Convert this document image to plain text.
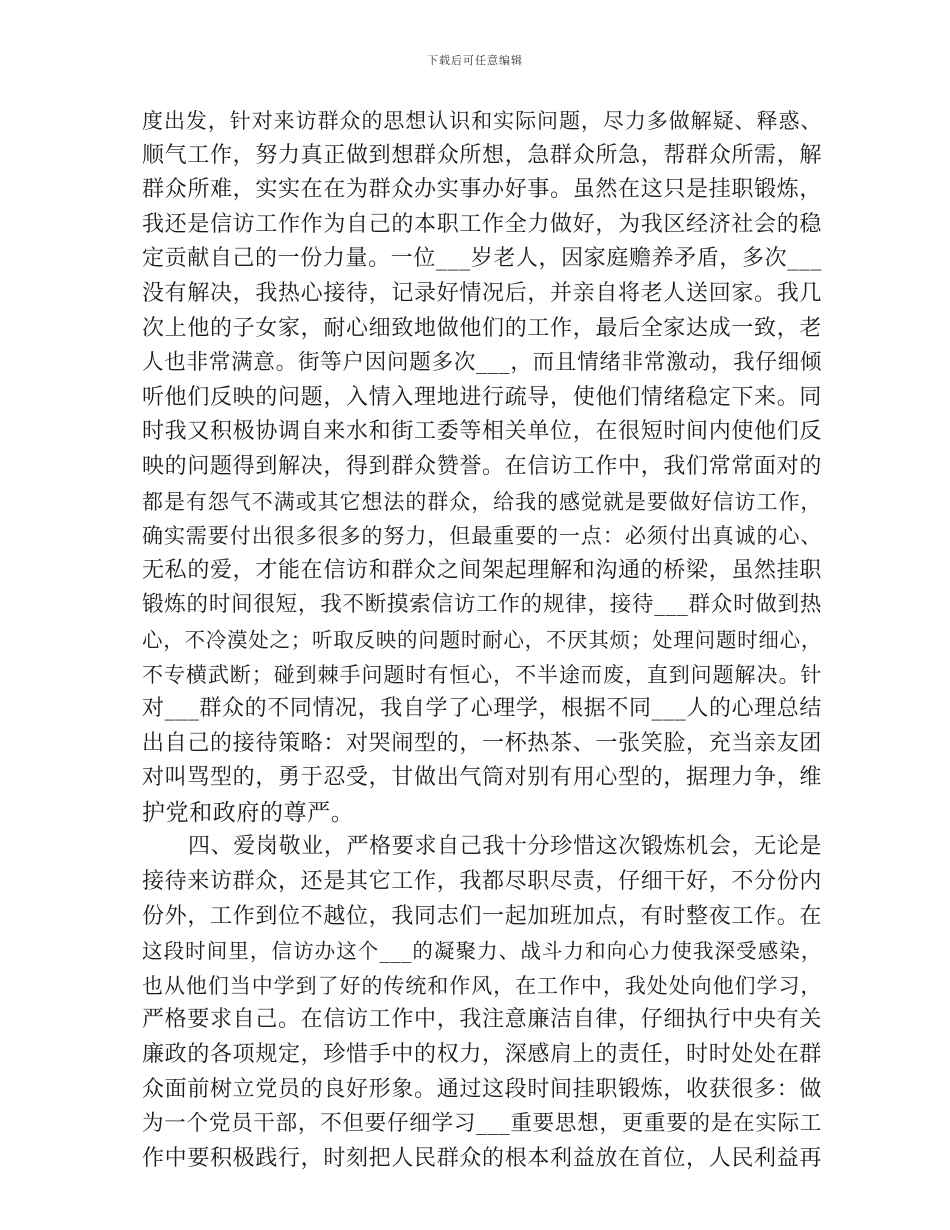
下载后可任意编辑
度出发，针对来访群众的思想认识和实际问题，尽力多做解疑、释惑、
顺气工作，努力真正做到想群众所想，急群众所急，帮群众所需，解
群众所难，实实在在为群众办实事办好事。虽然在这只是挂职锻炼，
我还是信访工作作为自己的本职工作全力做好，为我区经济社会的稳
定贡献自己的一份力量。一位___岁老人，因家庭赡养矛盾，多次___
没有解决，我热心接待，记录好情况后，并亲自将老人送回家。我几
次上他的子女家，耐心细致地做他们的工作，最后全家达成一致，老
人也非常满意。街等户因问题多次___，而且情绪非常激动，我仔细倾
听他们反映的问题，入情入理地进行疏导，使他们情绪稳定下来。同
时我又积极协调自来水和街工委等相关单位，在很短时间内使他们反
映的问题得到解决，得到群众赞誉。在信访工作中，我们常常面对的
都是有怨气不满或其它想法的群众，给我的感觉就是要做好信访工作，
确实需要付出很多很多的努力，但最重要的一点：必须付出真诚的心、
无私的爱，才能在信访和群众之间架起理解和沟通的桥梁，虽然挂职
锻炼的时间很短，我不断摸索信访工作的规律，接待___群众时做到热
心，不冷漠处之；听取反映的问题时耐心，不厌其烦；处理问题时细心，
不专横武断；碰到棘手问题时有恒心，不半途而废，直到问题解决。针
对___群众的不同情况，我自学了心理学，根据不同___人的心理总结
出自己的接待策略：对哭闹型的，一杯热茶、一张笑脸，充当亲友团
对叫骂型的，勇于忍受，甘做出气筒对别有用心型的，据理力争，维
护党和政府的尊严。
四、爱岗敬业，严格要求自己我十分珍惜这次锻炼机会，无论是
接待来访群众，还是其它工作，我都尽职尽责，仔细干好，不分份内
份外，工作到位不越位，我同志们一起加班加点，有时整夜工作。在
这段时间里，信访办这个___的凝聚力、战斗力和向心力使我深受感染，
也从他们当中学到了好的传统和作风，在工作中，我处处向他们学习，
严格要求自己。在信访工作中，我注意廉洁自律，仔细执行中央有关
廉政的各项规定，珍惜手中的权力，深感肩上的责任，时时处处在群
众面前树立党员的良好形象。通过这段时间挂职锻炼，收获很多：做
为一个党员干部，不但要仔细学习___重要思想，更重要的是在实际工
作中要积极践行，时刻把人民群众的根本利益放在首位，人民利益再
